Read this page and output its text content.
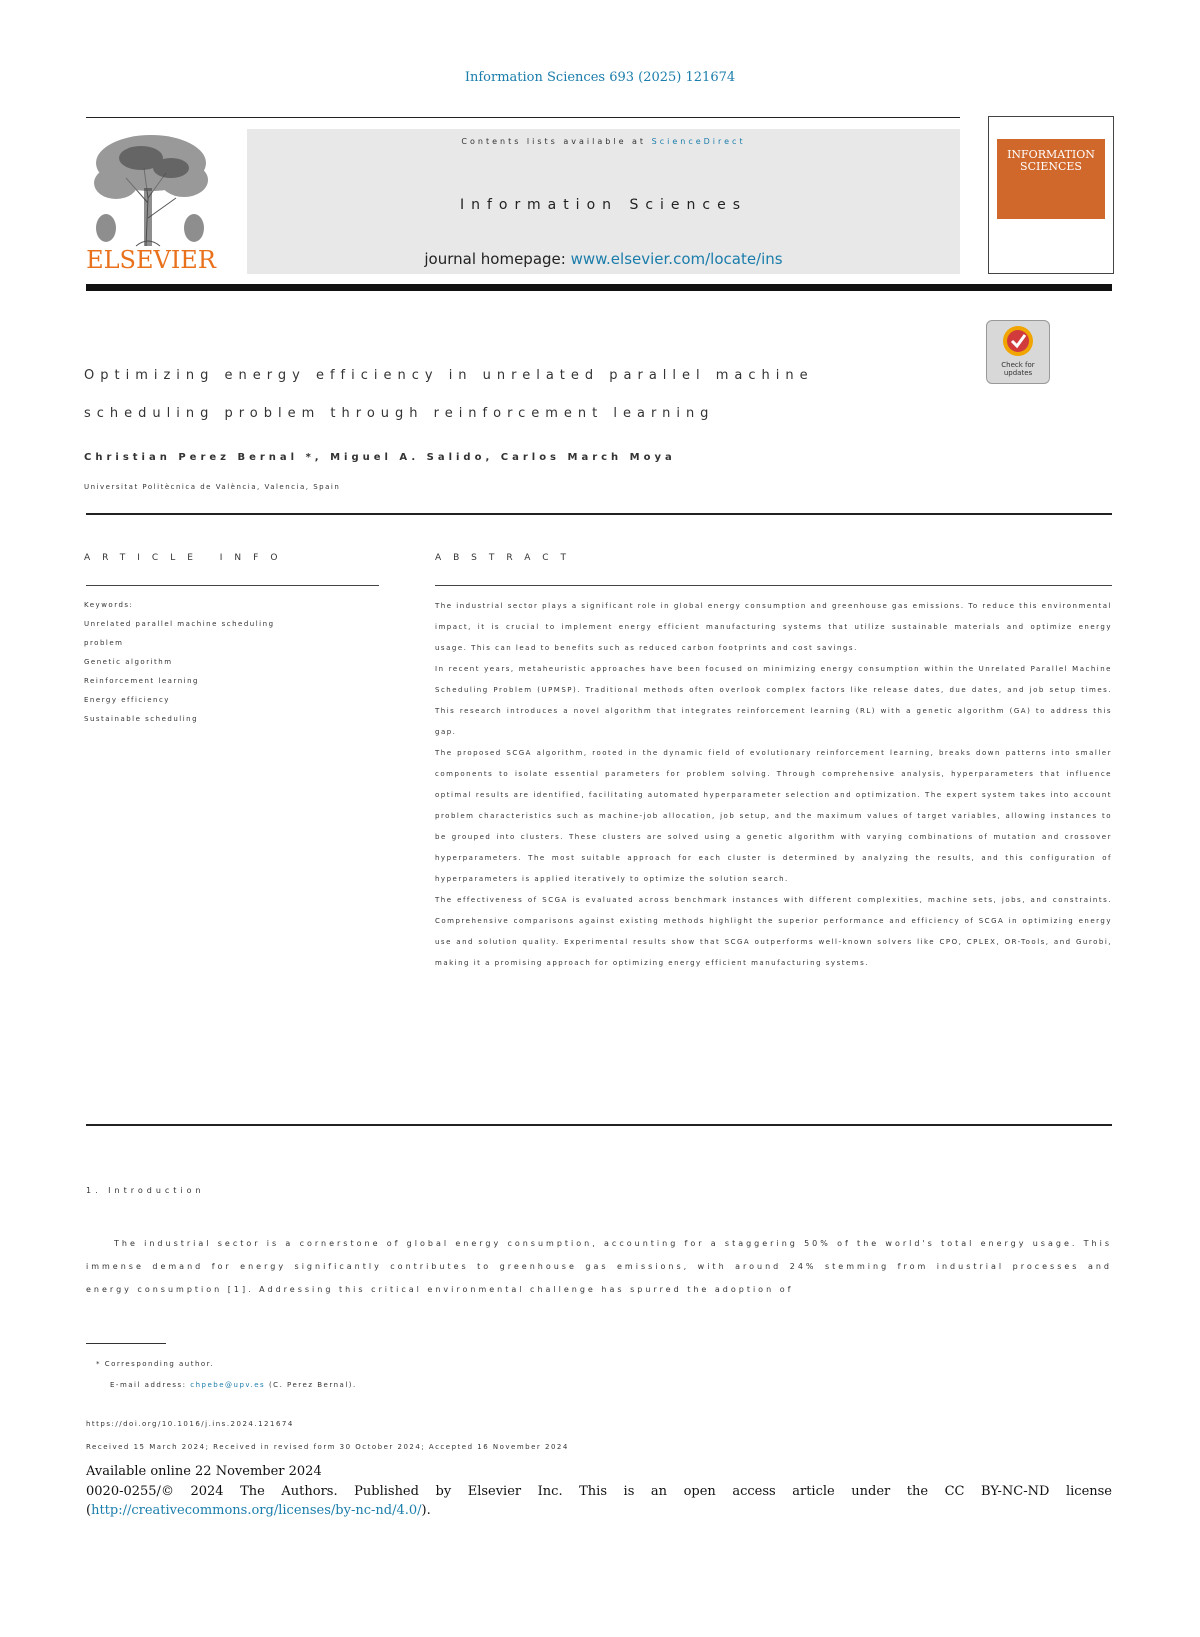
Information Sciences 693 (2025) 121674
ELSEVIER
Contents lists available at ScienceDirect
Information Sciences
journal homepage: www.elsevier.com/locate/ins
INFORMATION SCIENCES
Check for updates
Optimizing energy efficiency in unrelated parallel machine
scheduling problem through reinforcement learning
Christian Perez Bernal *, Miguel A. Salido, Carlos March Moya
Universitat Politècnica de València, Valencia, Spain
ARTICLE INFO
Keywords:
Unrelated parallel machine scheduling
problem
Genetic algorithm
Reinforcement learning
Energy efficiency
Sustainable scheduling
ABSTRACT

The industrial sector plays a significant role in global energy consumption and greenhouse gas emissions. To reduce this environmental impact, it is crucial to implement energy efficient manufacturing systems that utilize sustainable materials and optimize energy usage. This can lead to benefits such as reduced carbon footprints and cost savings.

In recent years, metaheuristic approaches have been focused on minimizing energy consumption within the Unrelated Parallel Machine Scheduling Problem (UPMSP). Traditional methods often overlook complex factors like release dates, due dates, and job setup times. This research introduces a novel algorithm that integrates reinforcement learning (RL) with a genetic algorithm (GA) to address this gap.

The proposed SCGA algorithm, rooted in the dynamic field of evolutionary reinforcement learning, breaks down patterns into smaller components to isolate essential parameters for problem solving. Through comprehensive analysis, hyperparameters that influence optimal results are identified, facilitating automated hyperparameter selection and optimization. The expert system takes into account problem characteristics such as machine-job allocation, job setup, and the maximum values of target variables, allowing instances to be grouped into clusters. These clusters are solved using a genetic algorithm with varying combinations of mutation and crossover hyperparameters. The most suitable approach for each cluster is determined by analyzing the results, and this configuration of hyperparameters is applied iteratively to optimize the solution search.

The effectiveness of SCGA is evaluated across benchmark instances with different complexities, machine sets, jobs, and constraints. Comprehensive comparisons against existing methods highlight the superior performance and efficiency of SCGA in optimizing energy use and solution quality. Experimental results show that SCGA outperforms well-known solvers like CPO, CPLEX, OR-Tools, and Gurobi, making it a promising approach for optimizing energy efficient manufacturing systems.

1. Introduction

The industrial sector is a cornerstone of global energy consumption, accounting for a staggering 50% of the world's total energy usage. This immense demand for energy significantly contributes to greenhouse gas emissions, with around 24% stemming from industrial processes and energy consumption [1]. Addressing this critical environmental challenge has spurred the adoption of

* Corresponding author.
E-mail address: chpebe@upv.es (C. Perez Bernal).
https://doi.org/10.1016/j.ins.2024.121674
Received 15 March 2024; Received in revised form 30 October 2024; Accepted 16 November 2024
Available online 22 November 2024
0020-0255/© 2024 The Authors. Published by Elsevier Inc. This is an open access article under the CC BY-NC-ND license (http://creativecommons.org/licenses/by-nc-nd/4.0/).
